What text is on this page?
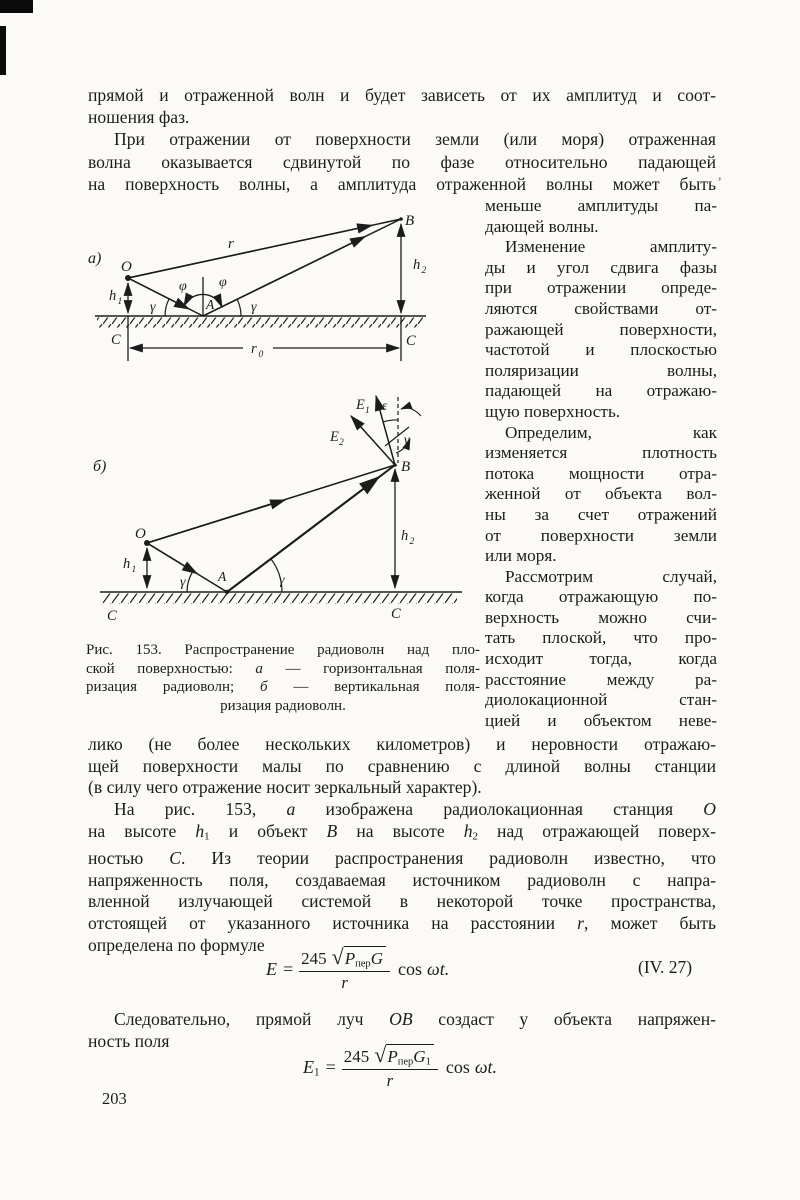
,
прямой и отраженной волн и будет зависеть от их амплитуд и соот-
ношения фаз.
При отражении от поверхности земли (или моря) отраженная
волна оказывается сдвинутой по фазе относительно падающей
на поверхность волны, а амплитуда отраженной волны может быть
меньше амплитуды па-
дающей волны.
Изменение амплиту-
ды и угол сдвига фазы
при отражении опреде-
ляются свойствами от-
ражающей поверхности,
частотой и плоскостью
поляризации волны,
падающей на отражаю-
щую поверхность.
Определим, как
изменяется плотность
потока мощности отра-
женной от объекта вол-
ны за счет отражений
от поверхности земли
или моря.
Рассмотрим случай,
когда отражающую по-
верхность можно счи-
тать плоской, что про-
исходит тогда, когда
расстояние между ра-
диолокационной стан-
цией и объектом неве-
а) O
B
r
A
φ φ
γ	γ
h 1
h 2
C	C
r 0
б)
O
A
B
h 1
h 2
γ	γ
γ
E 1
E 2
ε
C	C
Рис. 153. Распространение радиоволн над пло-
ской поверхностью: а — горизонтальная поля-
ризация радиоволн; б — вертикальная поля-
ризация радиоволн.
лико (не более нескольких километров) и неровности отражаю-
щей поверхности малы по сравнению с длиной волны станции
(в силу чего отражение носит зеркальный характер).
На рис. 153, а изображена радиолокационная станция О
на высоте h1 и объект В на высоте h2 над отражающей поверх-
ностью С. Из теории распространения радиоволн известно, что
напряженность поля, создаваемая источником радиоволн с напра-
вленной излучающей системой в некоторой точке пространства,
отстоящей от указанного источника на расстоянии r, может быть
определена по формуле
$E = \frac{\text{245 √ PперG}}{r}$ cos ωt.	(IV. 27)
Следовательно, прямой луч ОВ создаст у объекта напряжен-
ность поля
$E1 = \frac{\text{245 √ PперG1}}{r}$ cos ωt.
203
